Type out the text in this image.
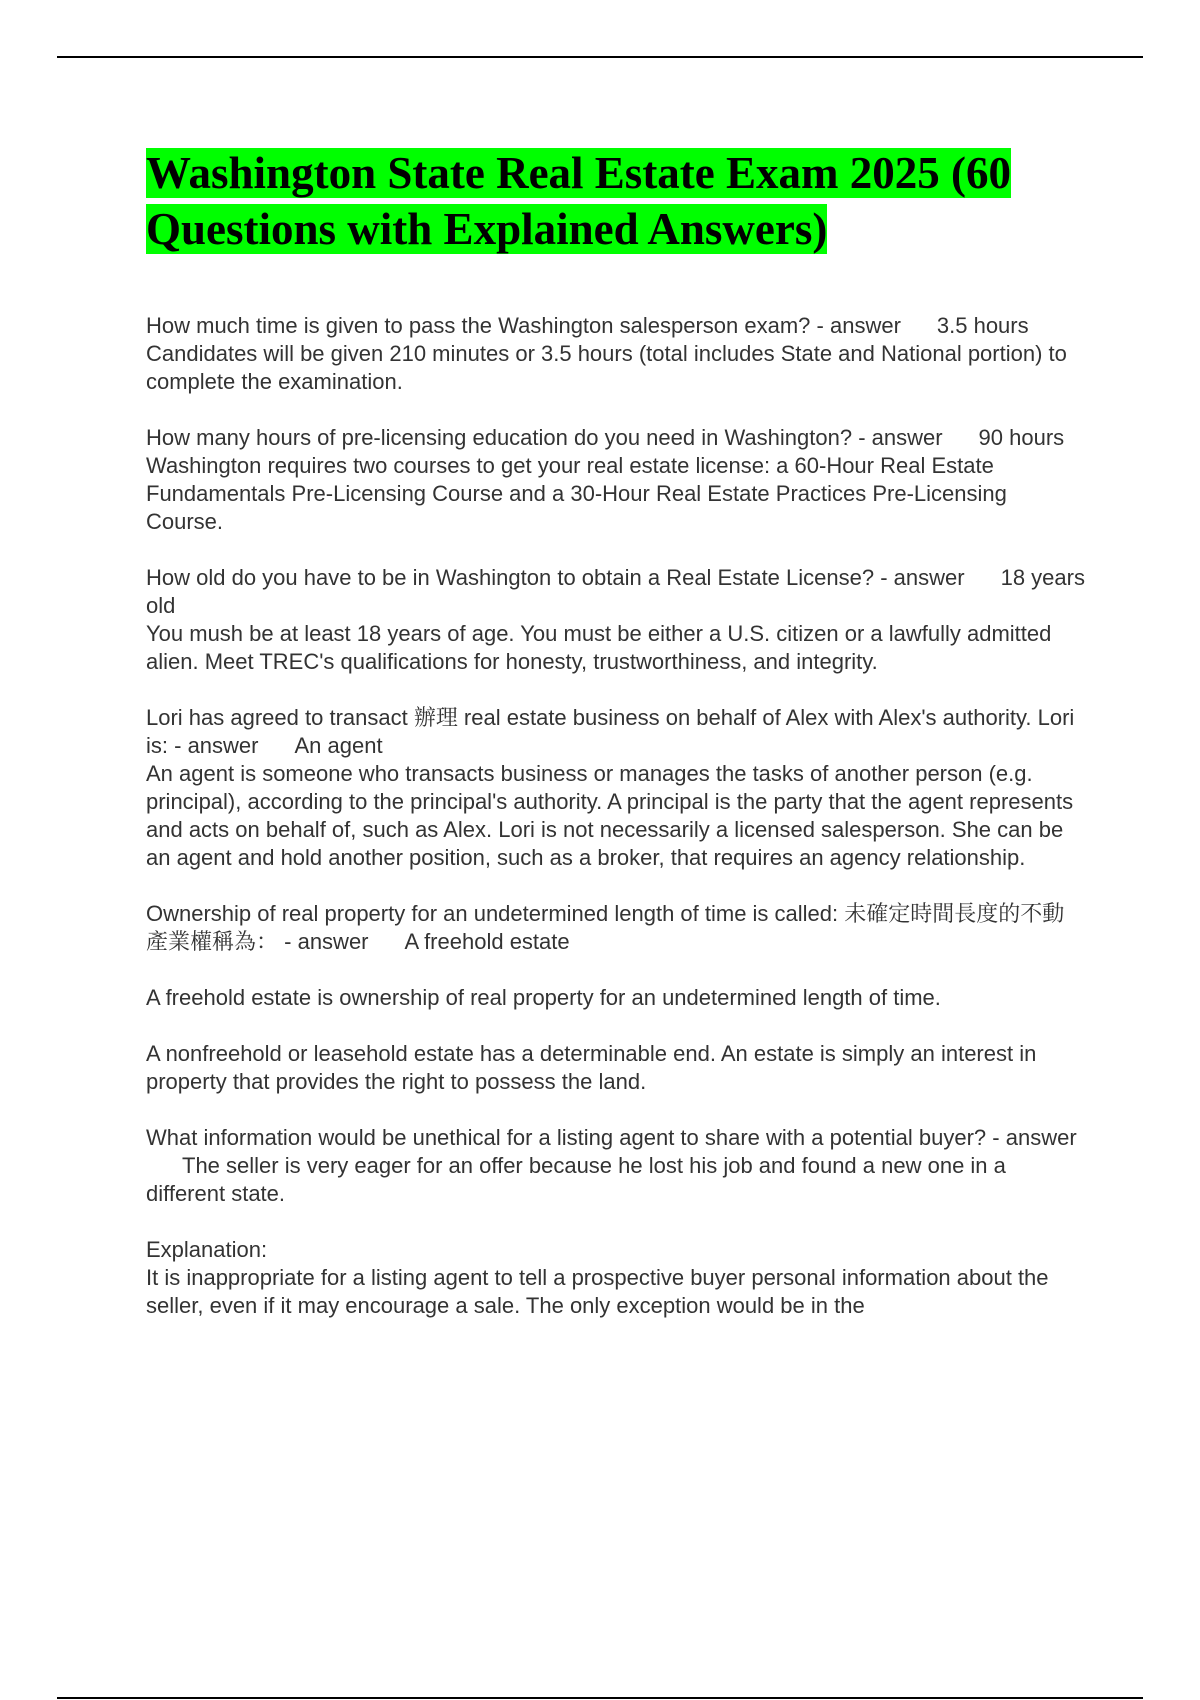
Washington State Real Estate Exam 2025 (60 Questions with Explained Answers)

How much time is given to pass the Washington salesperson exam? - answer 3.5 hours
Candidates will be given 210 minutes or 3.5 hours (total includes State and National portion) to complete the examination.

How many hours of pre-licensing education do you need in Washington? - answer 90 hours
Washington requires two courses to get your real estate license: a 60-Hour Real Estate Fundamentals Pre-Licensing Course and a 30-Hour Real Estate Practices Pre-Licensing Course.

How old do you have to be in Washington to obtain a Real Estate License? - answer 18 years old
You mush be at least 18 years of age. You must be either a U.S. citizen or a lawfully admitted alien. Meet TREC's qualifications for honesty, trustworthiness, and integrity.

Lori has agreed to transact 辦理 real estate business on behalf of Alex with Alex's authority. Lori is: - answer An agent
An agent is someone who transacts business or manages the tasks of another person (e.g. principal), according to the principal's authority. A principal is the party that the agent represents and acts on behalf of, such as Alex. Lori is not necessarily a licensed salesperson. She can be an agent and hold another position, such as a broker, that requires an agency relationship.

Ownership of real property for an undetermined length of time is called: 未確定時間長度的不動產業權稱為： - answer A freehold estate

A freehold estate is ownership of real property for an undetermined length of time.

A nonfreehold or leasehold estate has a determinable end. An estate is simply an interest in property that provides the right to possess the land.

What information would be unethical for a listing agent to share with a potential buyer? - answerThe seller is very eager for an offer because he lost his job and found a new one in a different state.

Explanation:
It is inappropriate for a listing agent to tell a prospective buyer personal information about the seller, even if it may encourage a sale. The only exception would be in the
